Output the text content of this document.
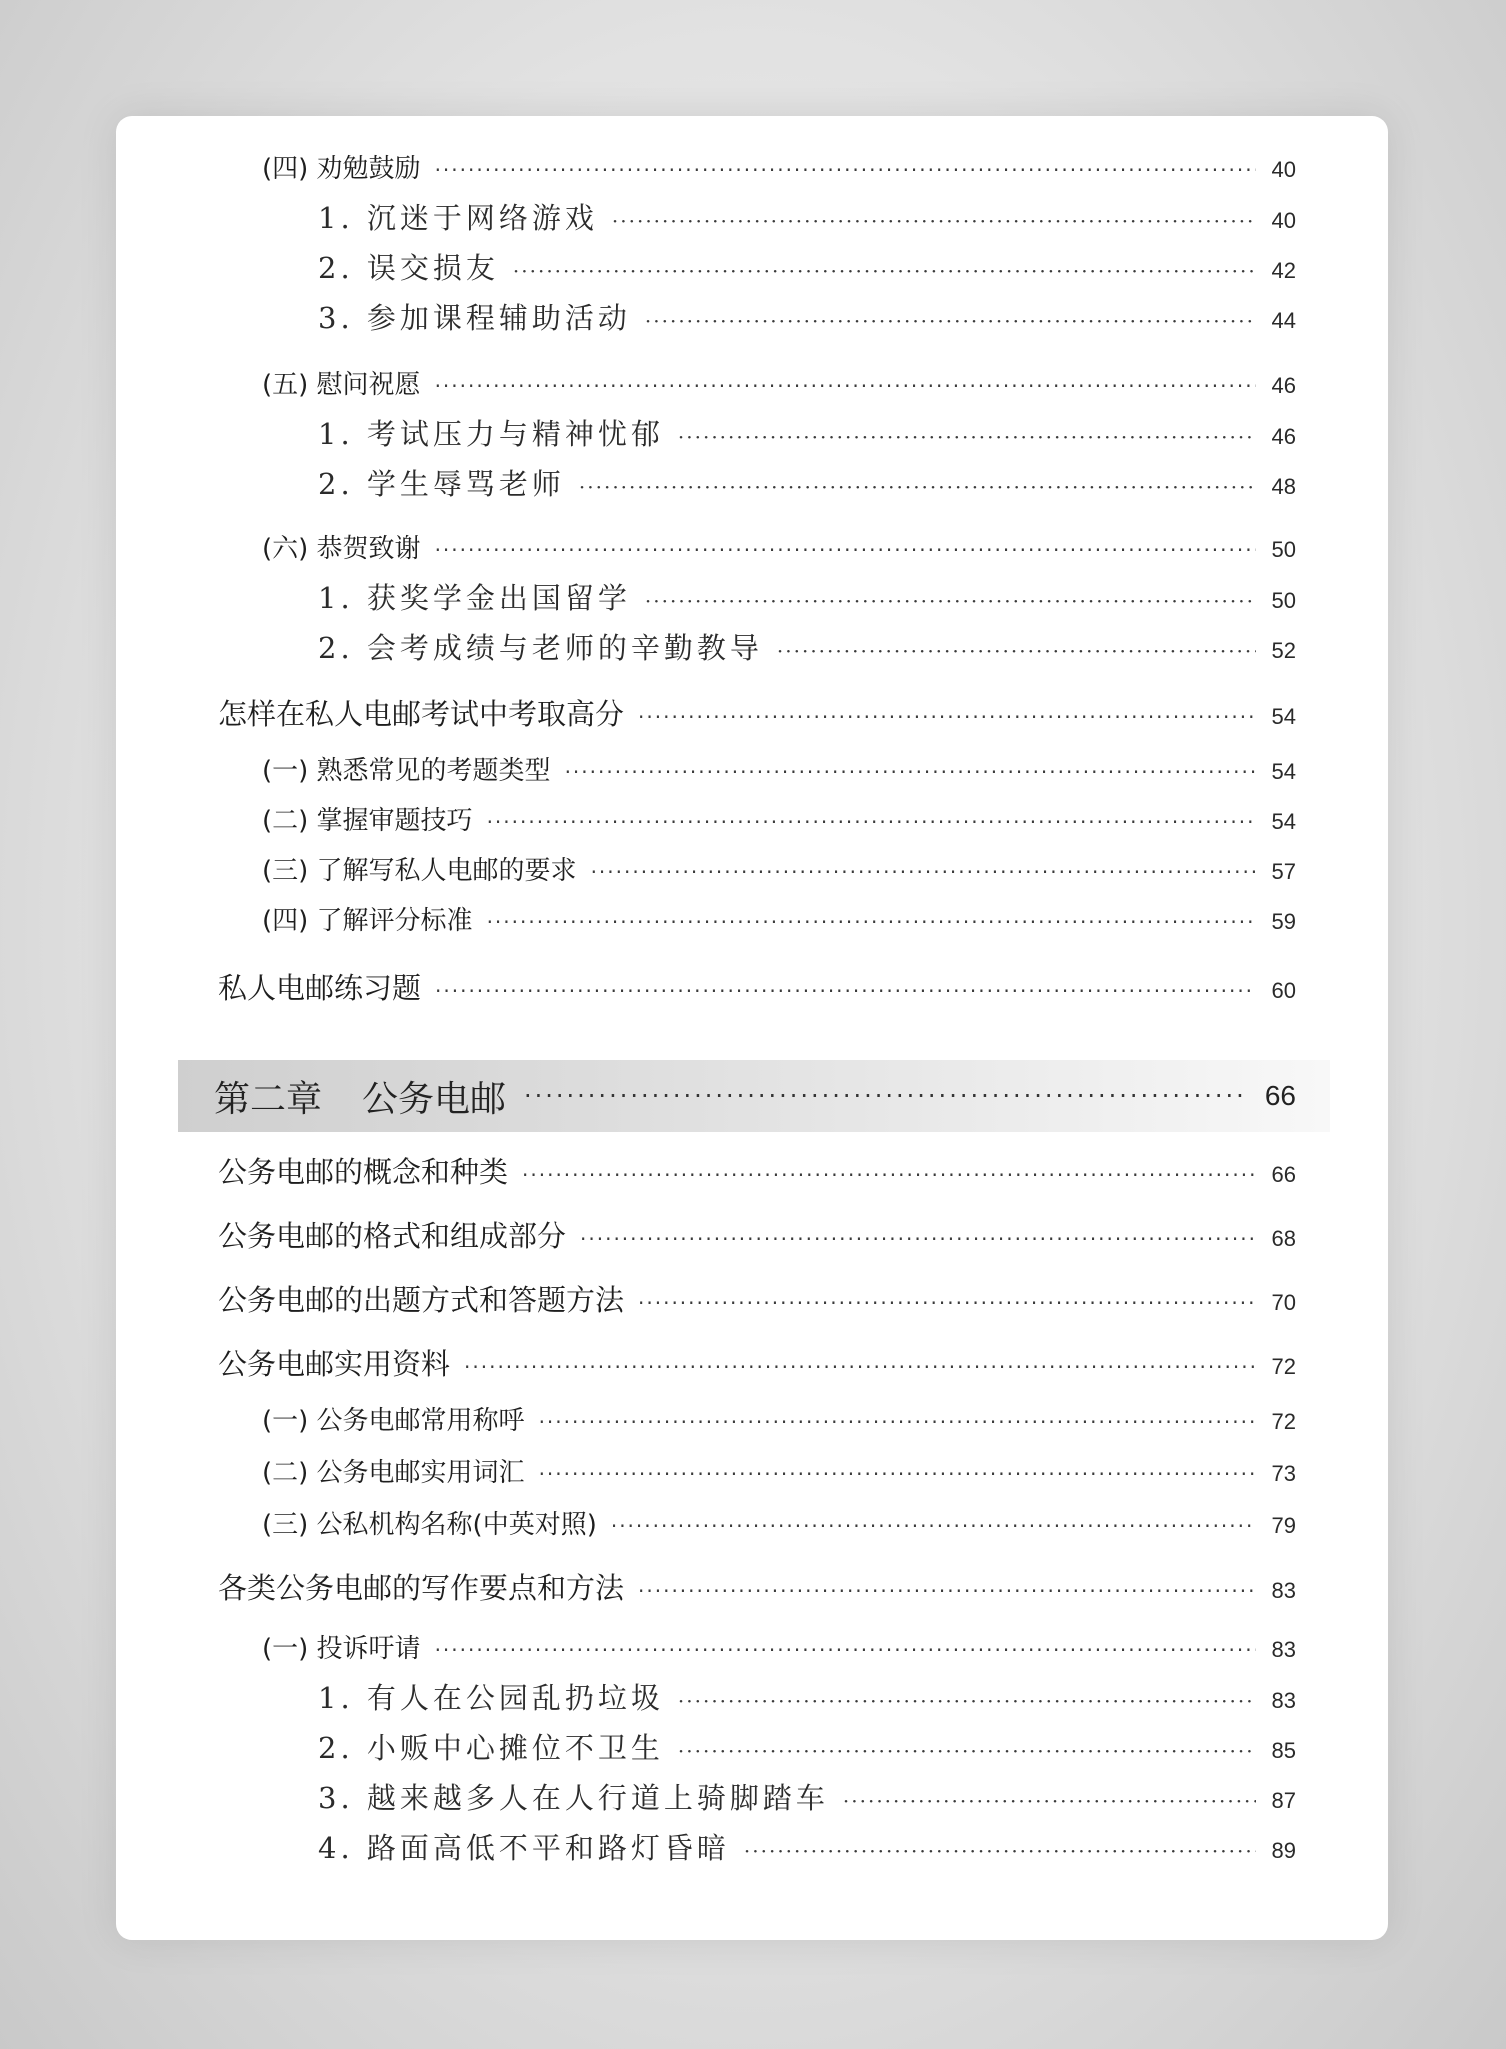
(四) 劝勉鼓励 ·····	40
1. 沉迷于网络游戏 ·····	40
2. 误交损友 ·····	42
3. 参加课程辅助活动 ·····	44
(五) 慰问祝愿 ·····	46
1. 考试压力与精神忧郁 ·····	46
2. 学生辱骂老师 ·····	48
(六) 恭贺致谢 ·····	50
1. 获奖学金出国留学 ·····	50
2. 会考成绩与老师的辛勤教导 ·····	52
怎样在私人电邮考试中考取高分 ·····	54
(一) 熟悉常见的考题类型 ·····	54
(二) 掌握审题技巧 ·····	54
(三) 了解写私人电邮的要求 ·····	57
(四) 了解评分标准 ·····	59
私人电邮练习题 ·····	60
第二章 公务电邮 ·····	66
公务电邮的概念和种类 ·····	66
公务电邮的格式和组成部分 ·····	68
公务电邮的出题方式和答题方法 ·····	70
公务电邮实用资料 ·····	72
(一) 公务电邮常用称呼 ·····	72
(二) 公务电邮实用词汇 ·····	73
(三) 公私机构名称(中英对照) ·····	79
各类公务电邮的写作要点和方法 ·····	83
(一) 投诉吁请 ·····	83
1. 有人在公园乱扔垃圾 ·····	83
2. 小贩中心摊位不卫生 ·····	85
3. 越来越多人在人行道上骑脚踏车 ·····	87
4. 路面高低不平和路灯昏暗 ·····	89
